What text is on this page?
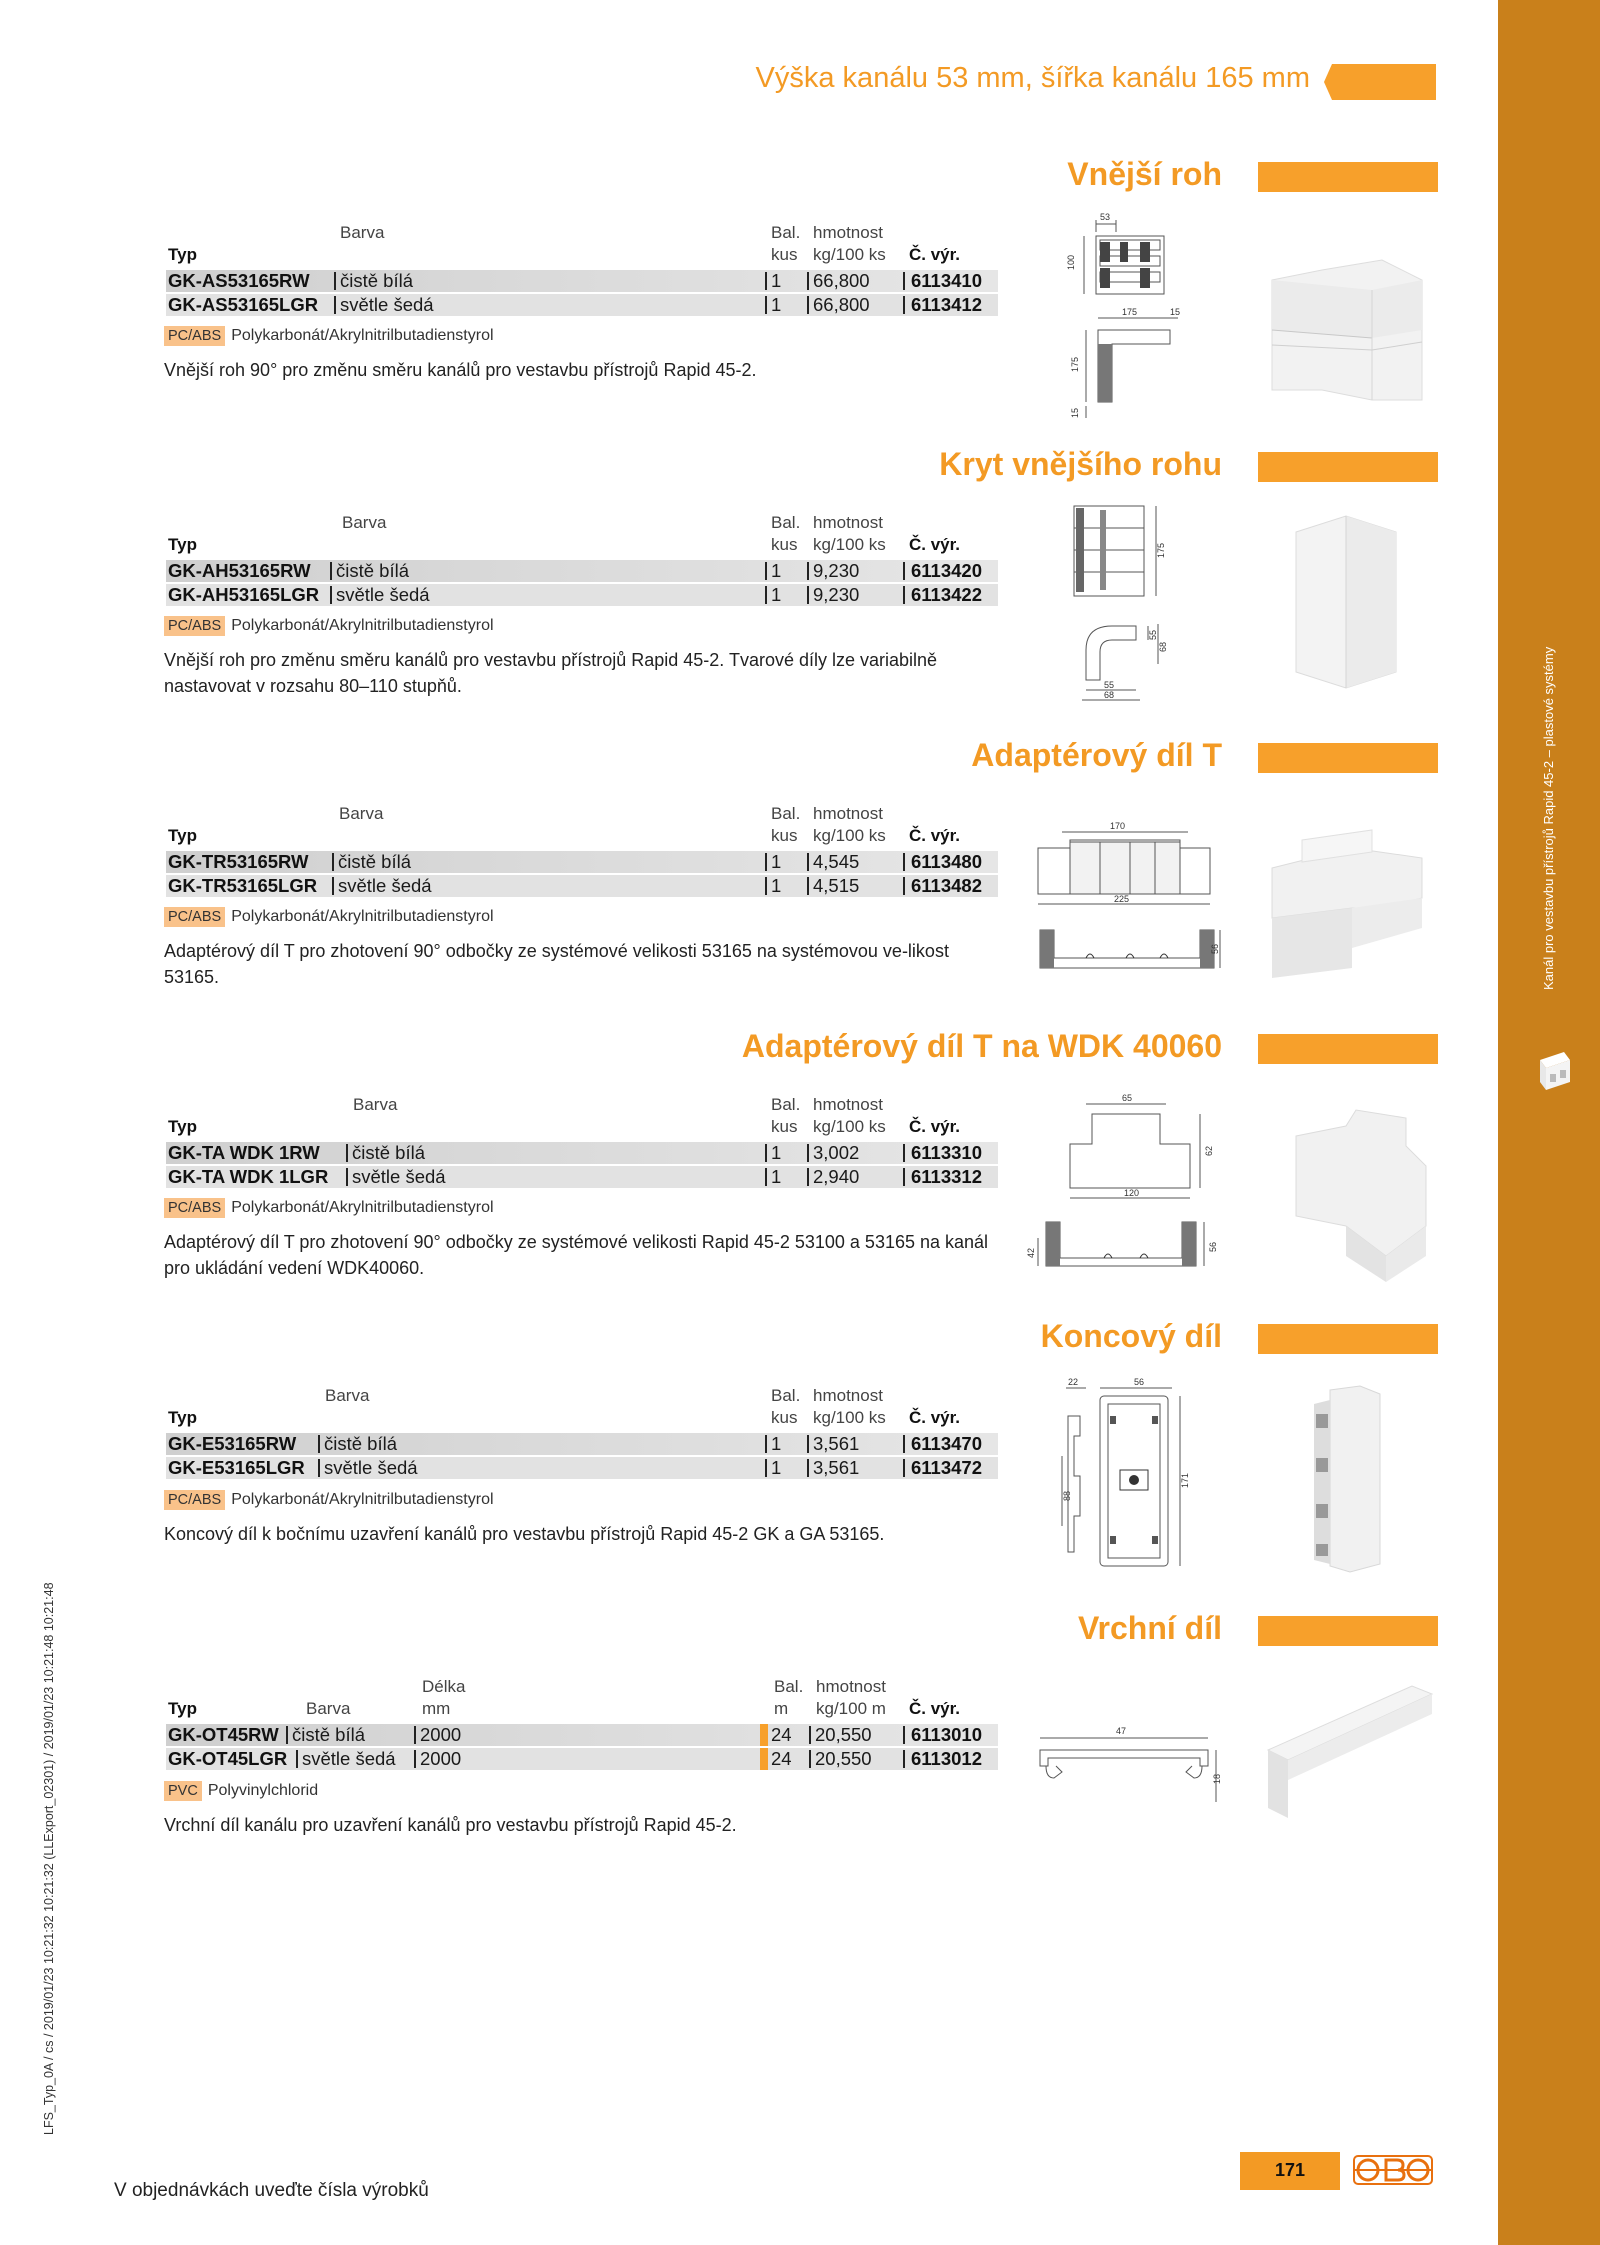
Kanál pro vestavbu přístrojů Rapid 45-2 – plastové systémy
LFS_Typ_0A / cs / 2019/01/23 10:21:32 10:21:32 (LLExport_02301) / 2019/01/23 10:21:48 10:21:48
Výška kanálu 53 mm, šířka kanálu 165 mm
Vnější roh
Barva	Bal. hmotnost
Typ	kus kg/100 ks Č. výr.
GK-AS53165RW čistě bílá	1 66,800 6113410
GK-AS53165LGR světle šedá	1 66,800 6113412
PC/ABS Polykarbonát/Akrylnitrilbutadienstyrol
Vnější roh 90° pro změnu směru kanálů pro vestavbu přístrojů Rapid 45-2.
53
100
175	15
175
15
Kryt vnějšího rohu
Barva	Bal. hmotnost
Typ	kus kg/100 ks Č. výr.
GK-AH53165RW čistě bílá	1 9,230	6113420
GK-AH53165LGR světle šedá	1 9,230	6113422
PC/ABS Polykarbonát/Akrylnitrilbutadienstyrol
Vnější roh pro změnu směru kanálů pro vestavbu přístrojů Rapid 45-2. Tvarové díly lze variabilně nastavovat v rozsahu 80–110 stupňů.
175
55
68
55
68
Adaptérový díl T
Barva	Bal. hmotnost
Typ	kus kg/100 ks Č. výr.
GK-TR53165RW čistě bílá	1 4,545	6113480
GK-TR53165LGR světle šedá	1 4,515	6113482
PC/ABS Polykarbonát/Akrylnitrilbutadienstyrol
Adaptérový díl T pro zhotovení 90° odbočky ze systémové velikosti 53165 na systémovou ve-likost 53165.
170
225
56
Adaptérový díl T na WDK 40060
Barva	Bal. hmotnost
Typ	kus kg/100 ks Č. výr.
GK-TA WDK 1RW čistě bílá	1 3,002	6113310
GK-TA WDK 1LGR světle šedá	1 2,940	6113312
PC/ABS Polykarbonát/Akrylnitrilbutadienstyrol
Adaptérový díl T pro zhotovení 90° odbočky ze systémové velikosti Rapid 45-2 53100 a 53165 na kanál pro ukládání vedení WDK40060.
65
62
120
42
56
Koncový díl
Barva	Bal. hmotnost
Typ	kus kg/100 ks Č. výr.
GK-E53165RW čistě bílá	1 3,561	6113470
GK-E53165LGR světle šedá	1 3,561	6113472
PC/ABS Polykarbonát/Akrylnitrilbutadienstyrol
Koncový díl k bočnímu uzavření kanálů pro vestavbu přístrojů Rapid 45-2 GK a GA 53165.
22	56
88
171
Vrchní díl
Délka	Bal. hmotnost
Typ	Barva	mm	m kg/100 m Č. výr.
GK-OT45RW čistě bílá	2000	24 20,550 6113010
GK-OT45LGR světle šedá 2000	24 20,550 6113012
PVC Polyvinylchlorid
Vrchní díl kanálu pro uzavření kanálů pro vestavbu přístrojů Rapid 45-2.
47
18
V objednávkách uveďte čísla výrobků
171
